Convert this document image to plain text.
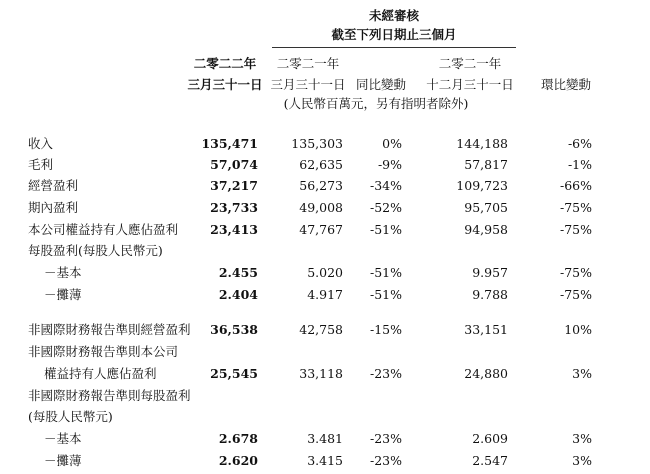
未經審核
截至下列日期止三個月
二零二二年
三月三十一日
二零二一年
三月三十一日 同比變動
二零二一年
十二月三十一日 環比變動
(人民幣百萬元，另有指明者除外)
收入	135,471	135,303	0%	144,188	-6%
毛利	57,074	62,635	-9%	57,817	-1%
經營盈利	37,217	56,273 -34%	109,723	-66%
期內盈利	23,733	49,008 -52%	95,705	-75%
本公司權益持有人應佔盈利	23,413	47,767 -51%	94,958	-75%
每股盈利(每股人民幣元)
－基本	2.455	5.020 -51%	9.957	-75%
－攤薄	2.404	4.917 -51%	9.788	-75%
非國際財務報告準則經營盈利 36,538	42,758 -15%	33,151	10%
非國際財務報告準則本公司
權益持有人應佔盈利	25,545	33,118 -23%	24,880	3%
非國際財務報告準則每股盈利
(每股人民幣元)
－基本	2.678	3.481 -23%	2.609	3%
－攤薄	2.620	3.415 -23%	2.547	3%
